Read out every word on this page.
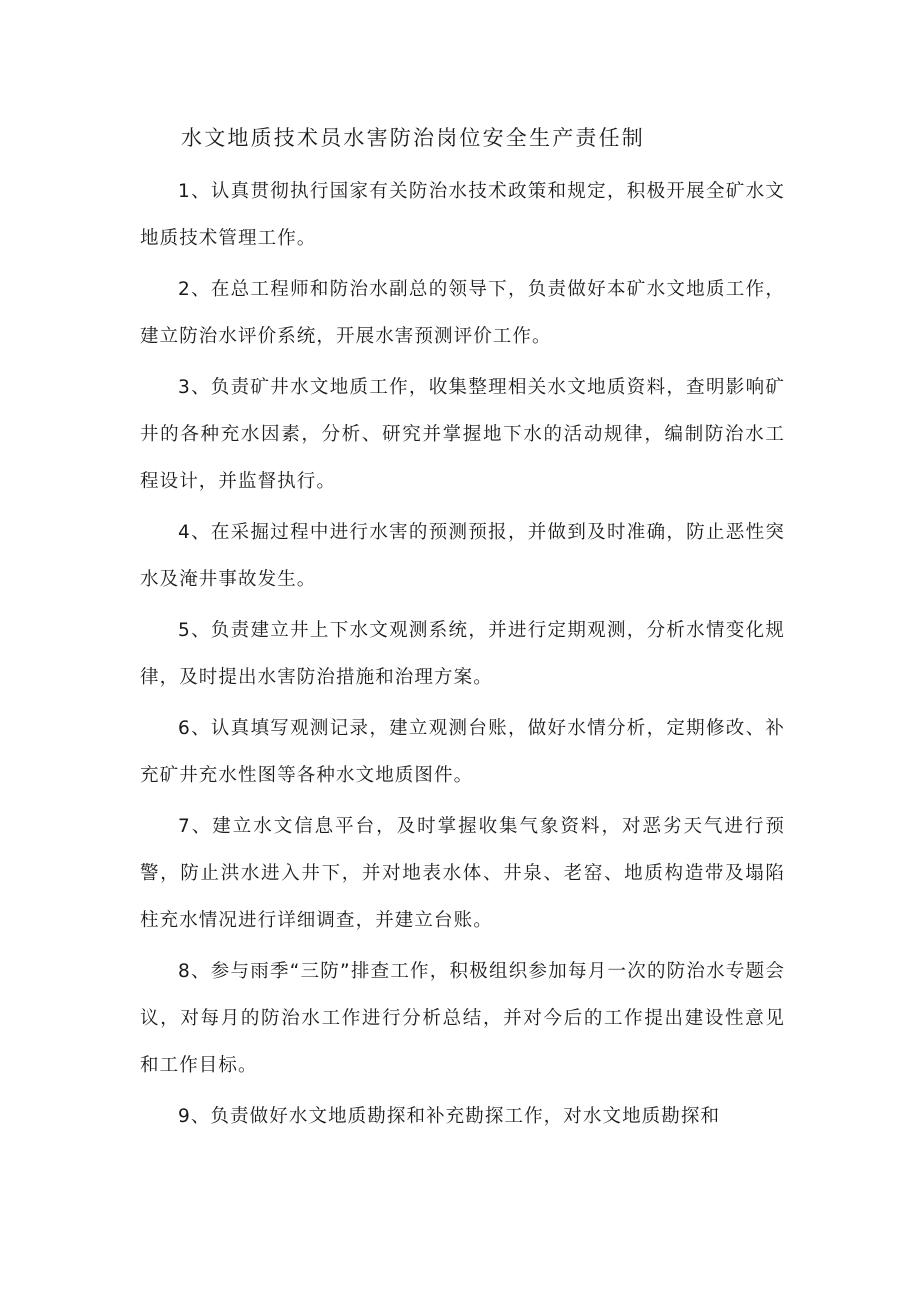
水文地质技术员水害防治岗位安全生产责任制

1、认真贯彻执行国家有关防治水技术政策和规定，积极开展全矿水文地质技术管理工作。

2、在总工程师和防治水副总的领导下，负责做好本矿水文地质工作，建立防治水评价系统，开展水害预测评价工作。

3、负责矿井水文地质工作，收集整理相关水文地质资料，查明影响矿井的各种充水因素，分析、研究并掌握地下水的活动规律，编制防治水工程设计，并监督执行。

4、在采掘过程中进行水害的预测预报，并做到及时准确，防止恶性突水及淹井事故发生。

5、负责建立井上下水文观测系统，并进行定期观测，分析水情变化规律，及时提出水害防治措施和治理方案。

6、认真填写观测记录，建立观测台账，做好水情分析，定期修改、补充矿井充水性图等各种水文地质图件。

7、建立水文信息平台，及时掌握收集气象资料，对恶劣天气进行预警，防止洪水进入井下，并对地表水体、井泉、老窑、地质构造带及塌陷柱充水情况进行详细调查，并建立台账。

8、参与雨季“三防”排查工作，积极组织参加每月一次的防治水专题会议，对每月的防治水工作进行分析总结，并对今后的工作提出建设性意见和工作目标。

9、负责做好水文地质勘探和补充勘探工作，对水文地质勘探和
